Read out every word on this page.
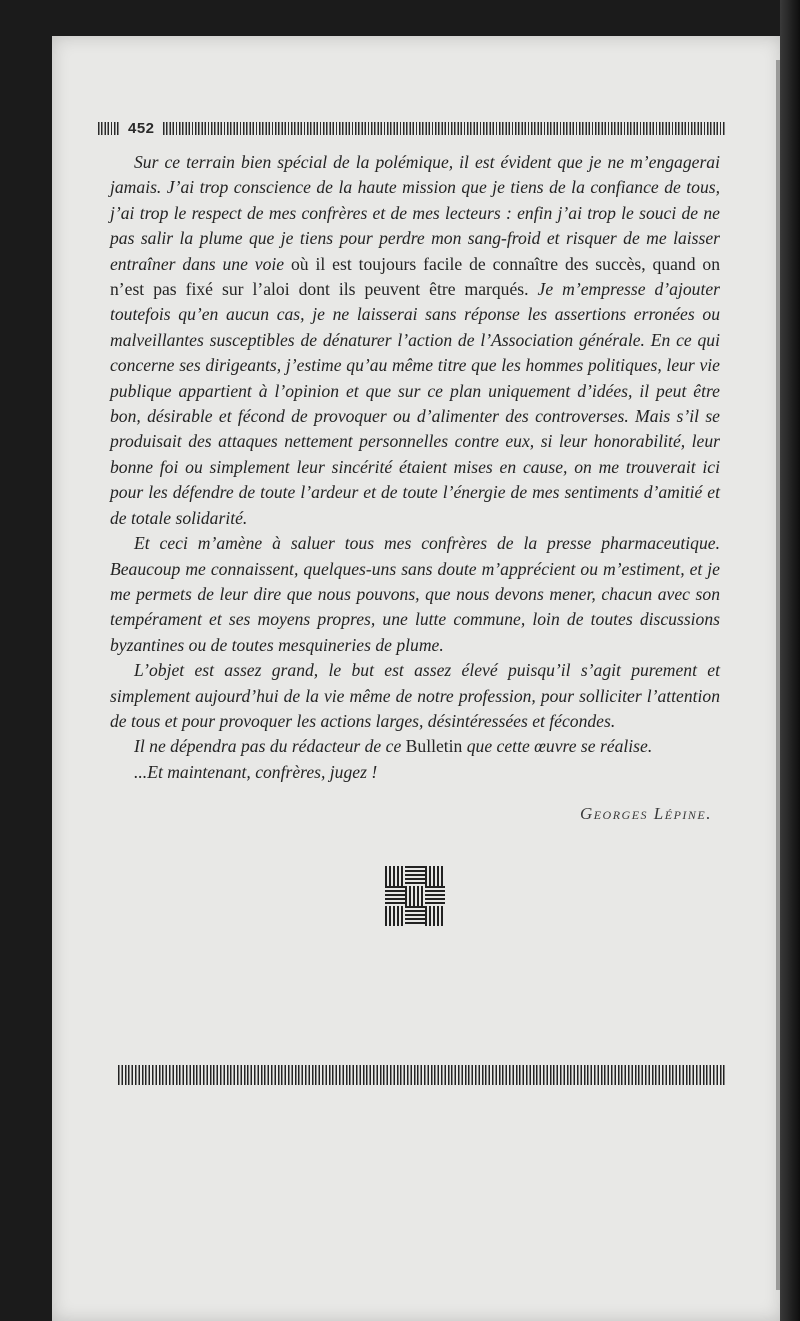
452

Sur ce terrain bien spécial de la polémique, il est évident que je ne m’engagerai jamais. J’ai trop conscience de la haute mission que je tiens de la confiance de tous, j’ai trop le respect de mes confrères et de mes lecteurs : enfin j’ai trop le souci de ne pas salir la plume que je tiens pour perdre mon sang-froid et risquer de me laisser entraîner dans une voie où il est toujours facile de connaître des succès, quand on n’est pas fixé sur l’aloi dont ils peuvent être marqués. Je m’empresse d’ajouter toutefois qu’en aucun cas, je ne laisserai sans réponse les assertions erronées ou malveillantes susceptibles de dénaturer l’action de l’Association générale. En ce qui concerne ses dirigeants, j’estime qu’au même titre que les hommes politiques, leur vie publique appartient à l’opinion et que sur ce plan uniquement d’idées, il peut être bon, désirable et fécond de provoquer ou d’alimenter des controverses. Mais s’il se produisait des attaques nettement personnelles contre eux, si leur honorabilité, leur bonne foi ou simplement leur sincérité étaient mises en cause, on me trouverait ici pour les défendre de toute l’ardeur et de toute l’énergie de mes sentiments d’amitié et de totale solidarité.

Et ceci m’amène à saluer tous mes confrères de la presse pharmaceutique. Beaucoup me connaissent, quelques-uns sans doute m’apprécient ou m’estiment, et je me permets de leur dire que nous pouvons, que nous devons mener, chacun avec son tempérament et ses moyens propres, une lutte commune, loin de toutes discussions byzantines ou de toutes mesquineries de plume.

L’objet est assez grand, le but est assez élevé puisqu’il s’agit purement et simplement aujourd’hui de la vie même de notre profession, pour solliciter l’attention de tous et pour provoquer les actions larges, désintéressées et fécondes.

Il ne dépendra pas du rédacteur de ce Bulletin que cette œuvre se réalise.

...Et maintenant, confrères, jugez !

Georges Lépine.
